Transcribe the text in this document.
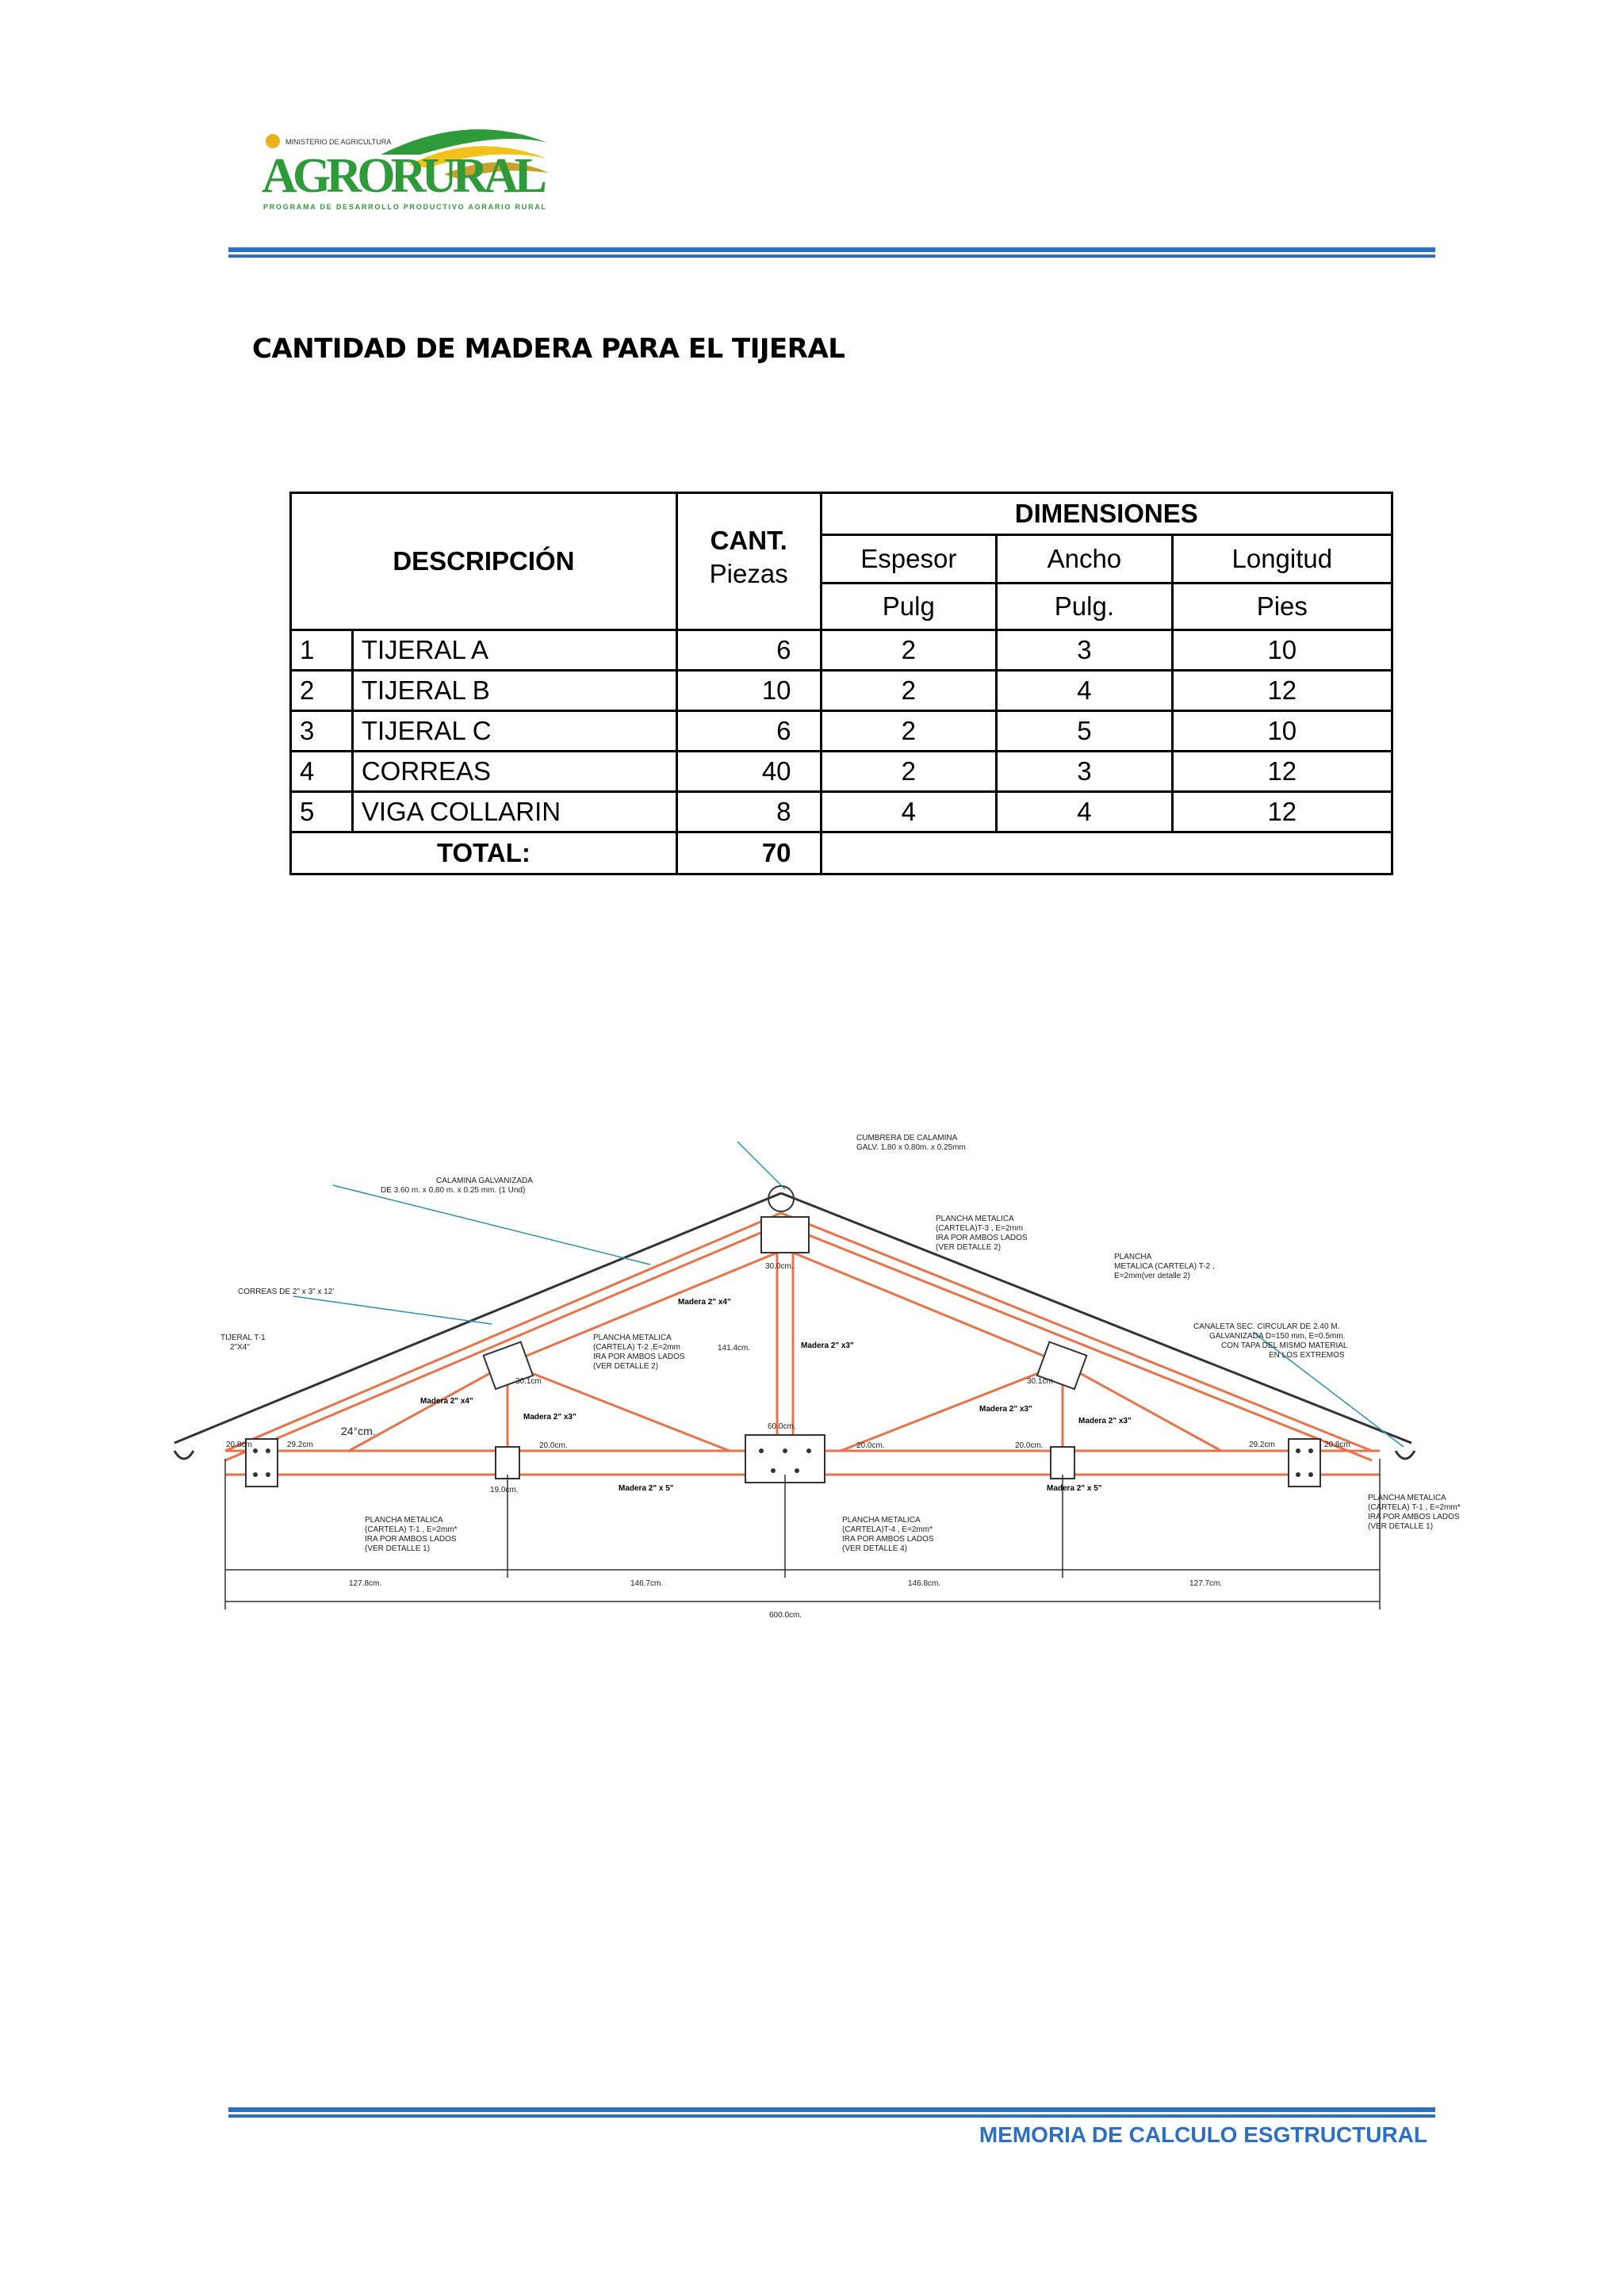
MINISTERIO DE AGRICULTURA
AGRORURAL
PROGRAMA DE DESARROLLO PRODUCTIVO AGRARIO RURAL
CANTIDAD DE MADERA PARA EL TIJERAL
DESCRIPCIÓN		CANT.
Piezas	DIMENSIONES		
			Espesor	Ancho	Longitud
			Pulg	Pulg.	Pies
1	TIJERAL A	6	2	3	10
2	TIJERAL B	10	2	4	12
3	TIJERAL C	6	2	5	10
4	CORREAS	40	2	3	12
5	VIGA COLLARIN	8	4	4	12
TOTAL:		70			
CUMBRERA DE CALAMINA
GALV. 1.80 x 0.80m. x 0.25mm
CALAMINA GALVANIZADA
DE 3.60 m. x 0.80 m. x 0.25 mm. (1 Und)
CORREAS DE 2" x 3" x 12'
TIJERAL T-1
2"X4"
PLANCHA METALICA
(CARTELA)T-3 , E=2mm
IRA POR AMBOS LADOS
(VER DETALLE 2)
PLANCHA
METALICA (CARTELA) T-2 ,
E=2mm(ver detalle 2)
CANALETA SEC. CIRCULAR DE 2.40 M.
GALVANIZADA D=150 mm, E=0.5mm.
CON TAPA DEL MISMO MATERIAL
EN LOS EXTREMOS
PLANCHA METALICA
(CARTELA) T-2 ,E=2mm
IRA POR AMBOS LADOS
(VER DETALLE 2)
PLANCHA METALICA
(CARTELA) T-1 , E=2mm*
IRA POR AMBOS LADOS
(VER DETALLE 1)
PLANCHA METALICA
(CARTELA)T-4 , E=2mm*
IRA POR AMBOS LADOS
(VER DETALLE 4)
PLANCHA METALICA
(CARTELA) T-1 , E=2mm*
IRA POR AMBOS LADOS
(VER DETALLE 1)
Madera 2" x4"
Madera 2" x4"
Madera 2" x3"
Madera 2" x3"
Madera 2" x3"
Madera 2" x3"
Madera 2" x 5"	Madera 2" x 5"
24°cm.
30.0cm.
141.4cm.
60.0cm.
20.0cm.	20.0cm.	20.0cm.
30.1cm	30.1cm
29.2cm	29.2cm
20.8cm	20.8cm
19.0cm.
127.8cm.	146.7cm.	146.8cm.	127.7cm.
600.0cm.
MEMORIA DE CALCULO ESGTRUCTURAL
